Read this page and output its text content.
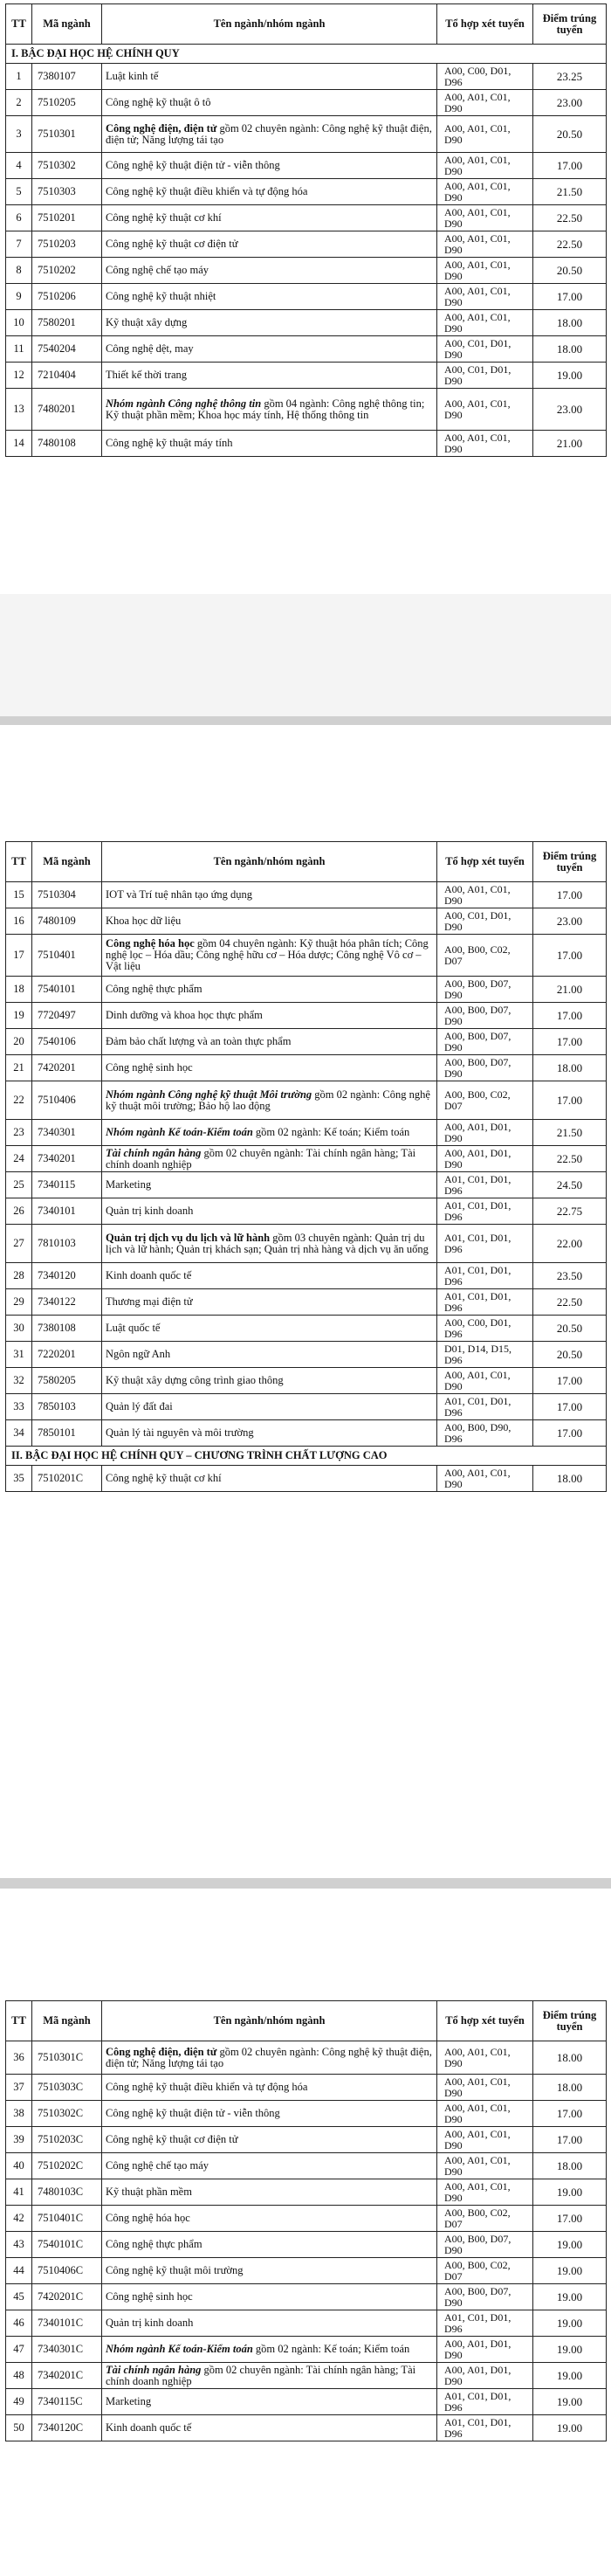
TT	Mã ngành	Tên ngành/nhóm ngành	Tổ hợp xét tuyển	Điểm trúng tuyển
I. BẬC ĐẠI HỌC HỆ CHÍNH QUY				
1	7380107	Luật kinh tế	A00, C00, D01, D96	23.25
2	7510205	Công nghệ kỹ thuật ô tô	A00, A01, C01, D90	23.00
3	7510301	Công nghệ điện, điện tử gồm 02 chuyên ngành: Công nghệ kỹ thuật điện, điện tử; Năng lượng tái tạo	A00, A01, C01, D90	20.50
4	7510302	Công nghệ kỹ thuật điện tử - viễn thông	A00, A01, C01, D90	17.00
5	7510303	Công nghệ kỹ thuật điều khiển và tự động hóa	A00, A01, C01, D90	21.50
6	7510201	Công nghệ kỹ thuật cơ khí	A00, A01, C01, D90	22.50
7	7510203	Công nghệ kỹ thuật cơ điện tử	A00, A01, C01, D90	22.50
8	7510202	Công nghệ chế tạo máy	A00, A01, C01, D90	20.50
9	7510206	Công nghệ kỹ thuật nhiệt	A00, A01, C01, D90	17.00
10	7580201	Kỹ thuật xây dựng	A00, A01, C01, D90	18.00
11	7540204	Công nghệ dệt, may	A00, C01, D01, D90	18.00
12	7210404	Thiết kế thời trang	A00, C01, D01, D90	19.00
13	7480201	Nhóm ngành Công nghệ thông tin gồm 04 ngành: Công nghệ thông tin; Kỹ thuật phần mềm; Khoa học máy tính, Hệ thống thông tin	A00, A01, C01, D90	23.00
14	7480108	Công nghệ kỹ thuật máy tính	A00, A01, C01, D90	21.00
TT	Mã ngành	Tên ngành/nhóm ngành	Tổ hợp xét tuyển	Điểm trúng tuyển
15	7510304	IOT và Trí tuệ nhân tạo ứng dụng	A00, A01, C01, D90	17.00
16	7480109	Khoa học dữ liệu	A00, C01, D01, D90	23.00
17	7510401	Công nghệ hóa học gồm 04 chuyên ngành: Kỹ thuật hóa phân tích; Công nghệ lọc – Hóa dầu; Công nghệ hữu cơ – Hóa dược; Công nghệ Vô cơ – Vật liệu	A00, B00, C02, D07	17.00
18	7540101	Công nghệ thực phẩm	A00, B00, D07, D90	21.00
19	7720497	Dinh dưỡng và khoa học thực phẩm	A00, B00, D07, D90	17.00
20	7540106	Đảm bảo chất lượng và an toàn thực phẩm	A00, B00, D07, D90	17.00
21	7420201	Công nghệ sinh học	A00, B00, D07, D90	18.00
22	7510406	Nhóm ngành Công nghệ kỹ thuật Môi trường gồm 02 ngành: Công nghệ kỹ thuật môi trường; Bảo hộ lao động	A00, B00, C02, D07	17.00
23	7340301	Nhóm ngành Kế toán-Kiểm toán gồm 02 ngành: Kế toán; Kiểm toán	A00, A01, D01, D90	21.50
24	7340201	Tài chính ngân hàng gồm 02 chuyên ngành: Tài chính ngân hàng; Tài chính doanh nghiệp	A00, A01, D01, D90	22.50
25	7340115	Marketing	A01, C01, D01, D96	24.50
26	7340101	Quản trị kinh doanh	A01, C01, D01, D96	22.75
27	7810103	Quản trị dịch vụ du lịch và lữ hành gồm 03 chuyên ngành: Quản trị du lịch và lữ hành; Quản trị khách sạn; Quản trị nhà hàng và dịch vụ ăn uống	A01, C01, D01, D96	22.00
28	7340120	Kinh doanh quốc tế	A01, C01, D01, D96	23.50
29	7340122	Thương mại điện tử	A01, C01, D01, D96	22.50
30	7380108	Luật quốc tế	A00, C00, D01, D96	20.50
31	7220201	Ngôn ngữ Anh	D01, D14, D15, D96	20.50
32	7580205	Kỹ thuật xây dựng công trình giao thông	A00, A01, C01, D90	17.00
33	7850103	Quản lý đất đai	A01, C01, D01, D96	17.00
34	7850101	Quản lý tài nguyên và môi trường	A00, B00, D90, D96	17.00
II. BẬC ĐẠI HỌC HỆ CHÍNH QUY – CHƯƠNG TRÌNH CHẤT LƯỢNG CAO				
35	7510201C	Công nghệ kỹ thuật cơ khí	A00, A01, C01, D90	18.00
TT	Mã ngành	Tên ngành/nhóm ngành	Tổ hợp xét tuyển	Điểm trúng tuyển
36	7510301C	Công nghệ điện, điện tử gồm 02 chuyên ngành: Công nghệ kỹ thuật điện, điện tử; Năng lượng tái tạo	A00, A01, C01, D90	18.00
37	7510303C	Công nghệ kỹ thuật điều khiển và tự động hóa	A00, A01, C01, D90	18.00
38	7510302C	Công nghệ kỹ thuật điện tử - viễn thông	A00, A01, C01, D90	17.00
39	7510203C	Công nghệ kỹ thuật cơ điện tử	A00, A01, C01, D90	17.00
40	7510202C	Công nghệ chế tạo máy	A00, A01, C01, D90	18.00
41	7480103C	Kỹ thuật phần mềm	A00, A01, C01, D90	19.00
42	7510401C	Công nghệ hóa học	A00, B00, C02, D07	17.00
43	7540101C	Công nghệ thực phẩm	A00, B00, D07, D90	19.00
44	7510406C	Công nghệ kỹ thuật môi trường	A00, B00, C02, D07	19.00
45	7420201C	Công nghệ sinh học	A00, B00, D07, D90	19.00
46	7340101C	Quản trị kinh doanh	A01, C01, D01, D96	19.00
47	7340301C	Nhóm ngành Kế toán-Kiểm toán gồm 02 ngành: Kế toán; Kiểm toán	A00, A01, D01, D90	19.00
48	7340201C	Tài chính ngân hàng gồm 02 chuyên ngành: Tài chính ngân hàng; Tài chính doanh nghiệp	A00, A01, D01, D90	19.00
49	7340115C	Marketing	A01, C01, D01, D96	19.00
50	7340120C	Kinh doanh quốc tế	A01, C01, D01, D96	19.00
